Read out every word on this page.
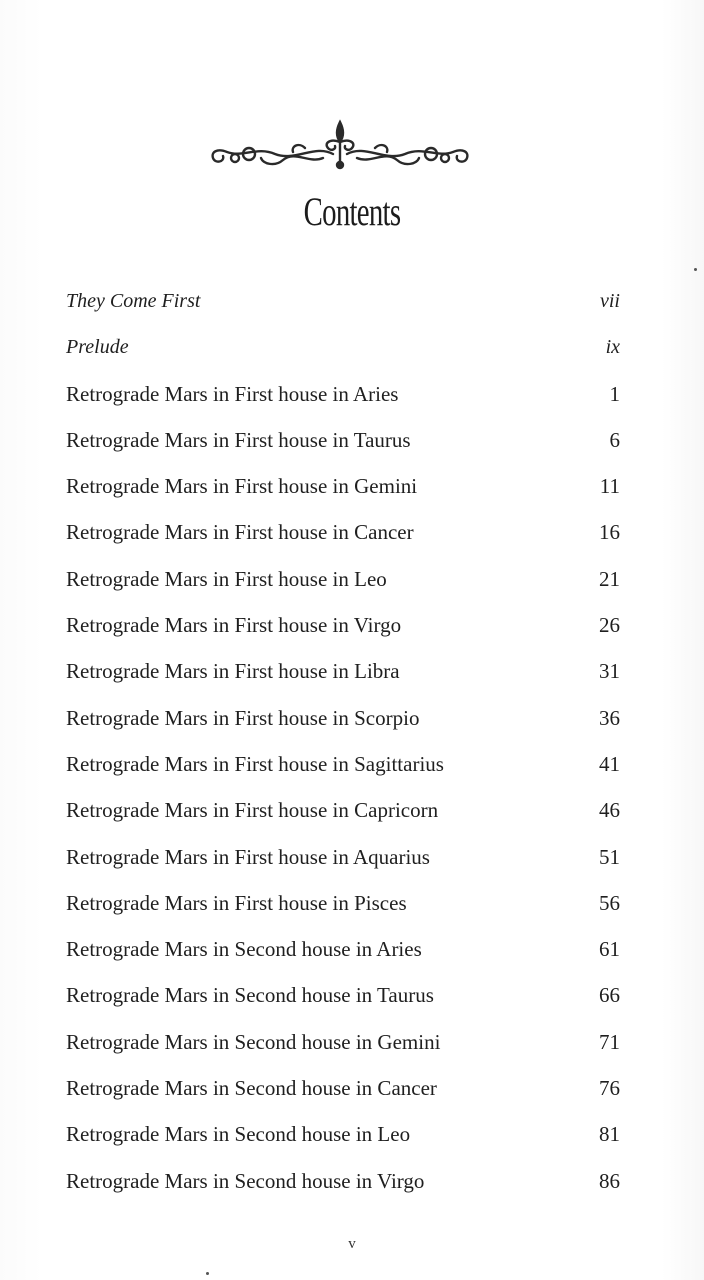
Contents
They Come First	vii
Prelude	ix
Retrograde Mars in First house in Aries	1
Retrograde Mars in First house in Taurus	6
Retrograde Mars in First house in Gemini	11
Retrograde Mars in First house in Cancer	16
Retrograde Mars in First house in Leo	21
Retrograde Mars in First house in Virgo	26
Retrograde Mars in First house in Libra	31
Retrograde Mars in First house in Scorpio	36
Retrograde Mars in First house in Sagittarius	41
Retrograde Mars in First house in Capricorn	46
Retrograde Mars in First house in Aquarius	51
Retrograde Mars in First house in Pisces	56
Retrograde Mars in Second house in Aries	61
Retrograde Mars in Second house in Taurus	66
Retrograde Mars in Second house in Gemini	71
Retrograde Mars in Second house in Cancer	76
Retrograde Mars in Second house in Leo	81
Retrograde Mars in Second house in Virgo	86
v
